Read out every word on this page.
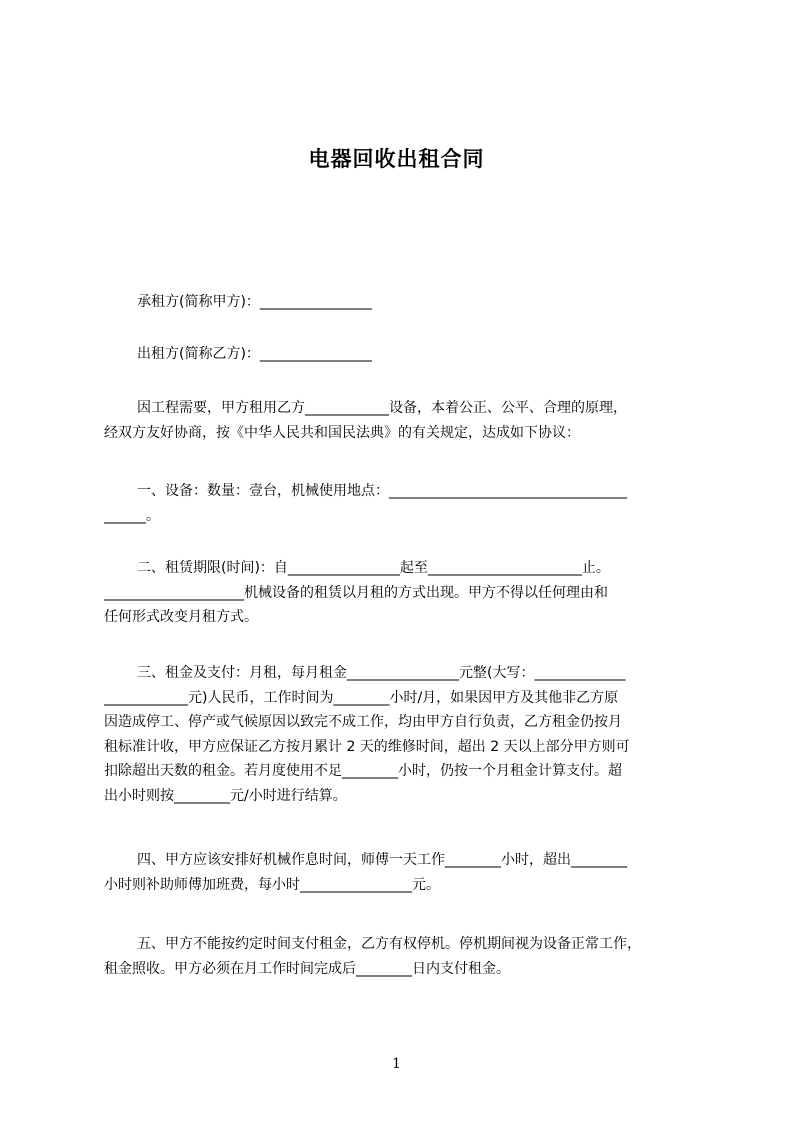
电器回收出租合同
承租方(简称甲方)：________________
出租方(简称乙方)：________________
因工程需要，甲方租用乙方____________设备，本着公正、公平、合理的原理，
经双方友好协商，按《中华人民共和国民法典》的有关规定，达成如下协议：
一、设备：数量：壹台，机械使用地点：__________________________________
______。
二、租赁期限(时间)：自________________起至______________________止。
____________________机械设备的租赁以月租的方式出现。甲方不得以任何理由和
任何形式改变月租方式。
三、租金及支付：月租，每月租金________________元整(大写：_____________
____________元)人民币，工作时间为________小时/月，如果因甲方及其他非乙方原
因造成停工、停产或气候原因以致完不成工作，均由甲方自行负责，乙方租金仍按月
租标准计收，甲方应保证乙方按月累计 2 天的维修时间，超出 2 天以上部分甲方则可
扣除超出天数的租金。若月度使用不足________小时，仍按一个月租金计算支付。超
出小时则按________元/小时进行结算。
四、甲方应该安排好机械作息时间，师傅一天工作________小时，超出________
小时则补助师傅加班费，每小时________________元。
五、甲方不能按约定时间支付租金，乙方有权停机。停机期间视为设备正常工作，
租金照收。甲方必须在月工作时间完成后________日内支付租金。
1
